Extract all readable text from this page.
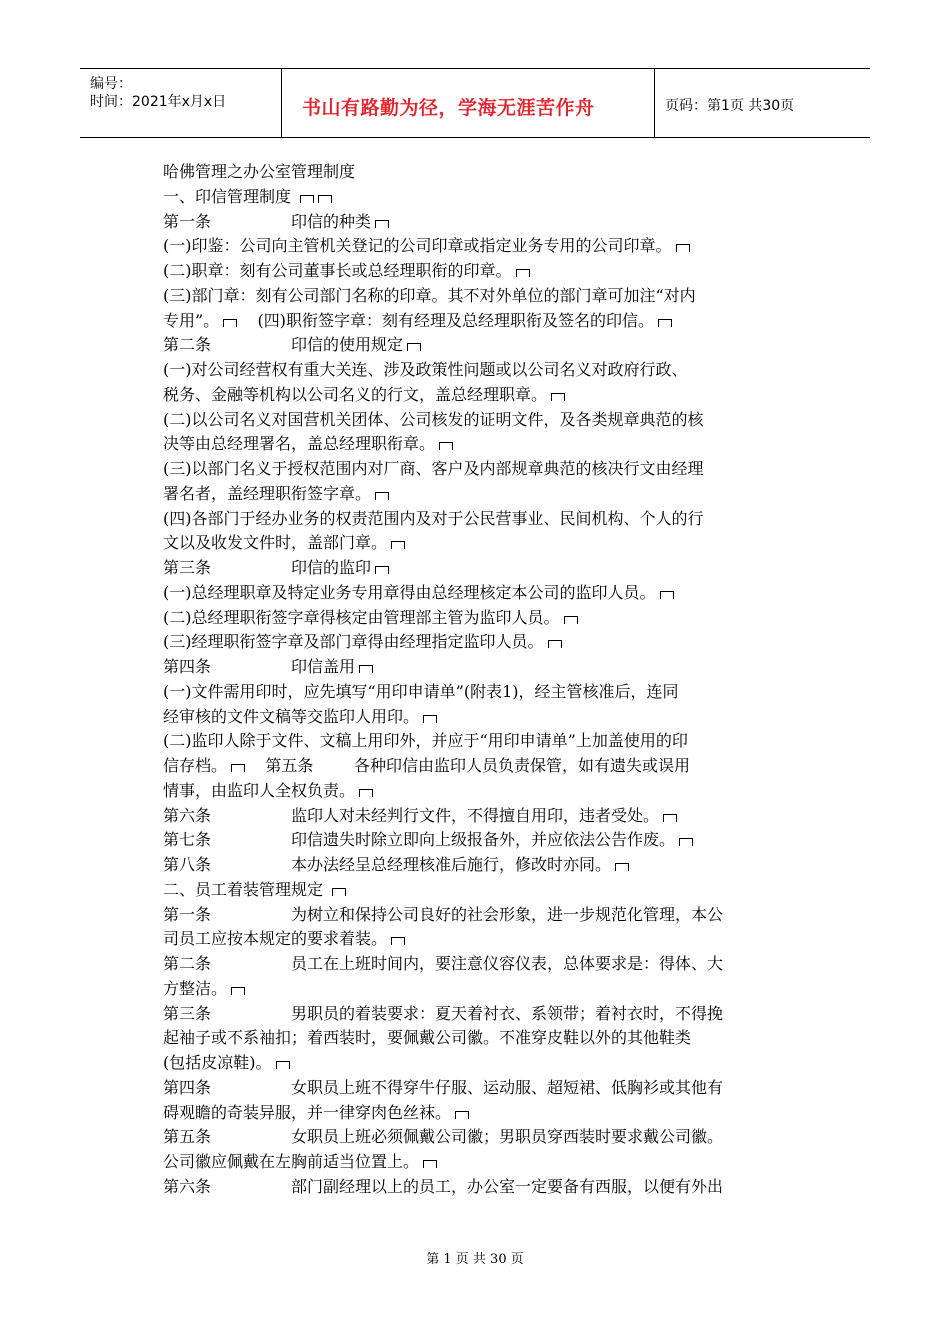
编号：
时间：2021年x月x日	书山有路勤为径，学海无涯苦作舟	页码：第1页 共30页
哈佛管理之办公室管理制度
一、印信管理制度
第一条	印信的种类
(一)印鉴：公司向主管机关登记的公司印章或指定业务专用的公司印章。
(二)职章：刻有公司董事长或总经理职衔的印章。
(三)部门章：刻有公司部门名称的印章。其不对外单位的部门章可加注“对内
专用”。    (四)职衔签字章：刻有经理及总经理职衔及签名的印信。
第二条	印信的使用规定
(一)对公司经营权有重大关连、涉及政策性问题或以公司名义对政府行政、
税务、金融等机构以公司名义的行文，盖总经理职章。
(二)以公司名义对国营机关团体、公司核发的证明文件，及各类规章典范的核
决等由总经理署名，盖总经理职衔章。
(三)以部门名义于授权范围内对厂商、客户及内部规章典范的核决行文由经理
署名者，盖经理职衔签字章。
(四)各部门于经办业务的权责范围内及对于公民营事业、民间机构、个人的行
文以及收发文件时，盖部门章。
第三条	印信的监印
(一)总经理职章及特定业务专用章得由总经理核定本公司的监印人员。
(二)总经理职衔签字章得核定由管理部主管为监印人员。
(三)经理职衔签字章及部门章得由经理指定监印人员。
第四条	印信盖用
(一)文件需用印时，应先填写“用印申请单”(附表1)，经主管核准后，连同
经审核的文件文稿等交监印人用印。
(二)监印人除于文件、文稿上用印外，并应于“用印申请单”上加盖使用的印
信存档。    第五条        各种印信由监印人员负责保管，如有遗失或误用
情事，由监印人全权负责。
第六条	监印人对未经判行文件，不得擅自用印，违者受处。
第七条	印信遗失时除立即向上级报备外，并应依法公告作废。
第八条	本办法经呈总经理核准后施行，修改时亦同。
二、员工着装管理规定
第一条	为树立和保持公司良好的社会形象，进一步规范化管理，本公
司员工应按本规定的要求着装。
第二条	员工在上班时间内，要注意仪容仪表，总体要求是：得体、大
方整洁。
第三条	男职员的着装要求：夏天着衬衣、系领带；着衬衣时，不得挽
起袖子或不系袖扣；着西装时，要佩戴公司徽。不准穿皮鞋以外的其他鞋类
(包括皮凉鞋)。
第四条	女职员上班不得穿牛仔服、运动服、超短裙、低胸衫或其他有
碍观瞻的奇装异服，并一律穿肉色丝袜。
第五条	女职员上班必须佩戴公司徽；男职员穿西装时要求戴公司徽。
公司徽应佩戴在左胸前适当位置上。
第六条	部门副经理以上的员工，办公室一定要备有西服，以便有外出
第 1 页 共 30 页
